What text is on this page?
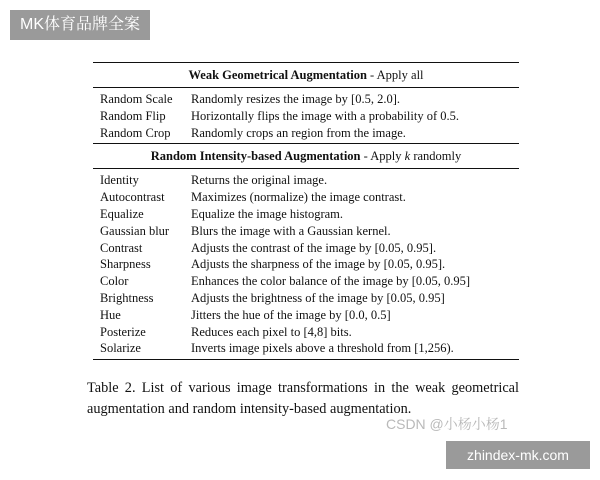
MK体育品牌全案
Weak Geometrical Augmentation - Apply all
Random Scale	Randomly resizes the image by [0.5, 2.0].
Random Flip	Horizontally flips the image with a probability of 0.5.
Random Crop	Randomly crops an region from the image.
Random Intensity-based Augmentation - Apply k randomly
Identity	Returns the original image.
Autocontrast	Maximizes (normalize) the image contrast.
Equalize	Equalize the image histogram.
Gaussian blur	Blurs the image with a Gaussian kernel.
Contrast	Adjusts the contrast of the image by [0.05, 0.95].
Sharpness	Adjusts the sharpness of the image by [0.05, 0.95].
Color	Enhances the color balance of the image by [0.05, 0.95]
Brightness	Adjusts the brightness of the image by [0.05, 0.95]
Hue	Jitters the hue of the image by [0.0, 0.5]
Posterize	Reduces each pixel to [4,8] bits.
Solarize	Inverts image pixels above a threshold from [1,256).
Table 2. List of various image transformations in the weak geometrical augmentation and random intensity-based augmentation.
CSDN @小杨小杨1
zhindex-mk.com
